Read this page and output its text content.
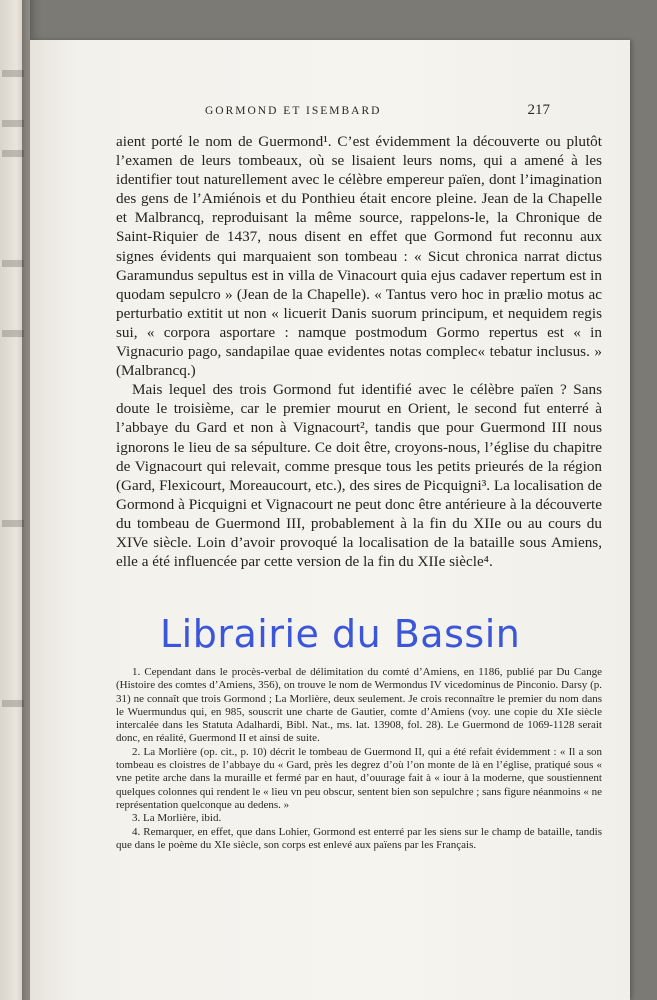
GORMOND ET ISEMBARD	217

aient porté le nom de Guermond¹. C’est évidemment la découverte ou plutôt l’examen de leurs tombeaux, où se lisaient leurs noms, qui a amené à les identifier tout naturellement avec le célèbre empereur païen, dont l’imagination des gens de l’Amiénois et du Ponthieu était encore pleine. Jean de la Chapelle et Malbrancq, reproduisant la même source, rappelons-le, la Chronique de Saint-Riquier de 1437, nous disent en effet que Gormond fut reconnu aux signes évidents qui marquaient son tombeau : « Sicut chronica narrat dictus Garamundus sepultus est in villa de Vinacourt quia ejus cadaver repertum est in quodam sepulcro » (Jean de la Chapelle). « Tantus vero hoc in prælio motus ac perturbatio extitit ut non « licuerit Danis suorum principum, et nequidem regis sui, « corpora asportare : namque postmodum Gormo repertus est « in Vignacurio pago, sandapilae quae evidentes notas complec« tebatur inclusus. » (Malbrancq.)

Mais lequel des trois Gormond fut identifié avec le célèbre païen ? Sans doute le troisième, car le premier mourut en Orient, le second fut enterré à l’abbaye du Gard et non à Vignacourt², tandis que pour Guermond III nous ignorons le lieu de sa sépulture. Ce doit être, croyons-nous, l’église du chapitre de Vignacourt qui relevait, comme presque tous les petits prieurés de la région (Gard, Flexicourt, Moreaucourt, etc.), des sires de Picquigni³. La localisation de Gormond à Picquigni et Vignacourt ne peut donc être antérieure à la découverte du tombeau de Guermond III, probablement à la fin du XIIe ou au cours du XIVe siècle. Loin d’avoir provoqué la localisation de la bataille sous Amiens, elle a été influencée par cette version de la fin du XIIe siècle⁴.

1. Cependant dans le procès-verbal de délimitation du comté d’Amiens, en 1186, publié par Du Cange (Histoire des comtes d’Amiens, 356), on trouve le nom de Wermondus IV vicedominus de Pinconio. Darsy (p. 31) ne connaît que trois Gormond ; La Morlière, deux seulement. Je crois reconnaître le premier du nom dans le Wuermundus qui, en 985, souscrit une charte de Gautier, comte d’Amiens (voy. une copie du XIe siècle intercalée dans les Statuta Adalhardi, Bibl. Nat., ms. lat. 13908, fol. 28). Le Guermond de 1069-1128 serait donc, en réalité, Guermond II et ainsi de suite.

2. La Morlière (op. cit., p. 10) décrit le tombeau de Guermond II, qui a été refait évidemment : « Il a son tombeau es cloistres de l’abbaye du « Gard, près les degrez d’où l’on monte de là en l’église, pratiqué sous « vne petite arche dans la muraille et fermé par en haut, d’ouurage fait à « iour à la moderne, que soustiennent quelques colonnes qui rendent le « lieu vn peu obscur, sentent bien son sepulchre ; sans figure néanmoins « ne représentation quelconque au dedens. »

3. La Morlière, ibid.

4. Remarquer, en effet, que dans Lohier, Gormond est enterré par les siens sur le champ de bataille, tandis que dans le poème du XIe siècle, son corps est enlevé aux païens par les Français.

Librairie du Bassin
